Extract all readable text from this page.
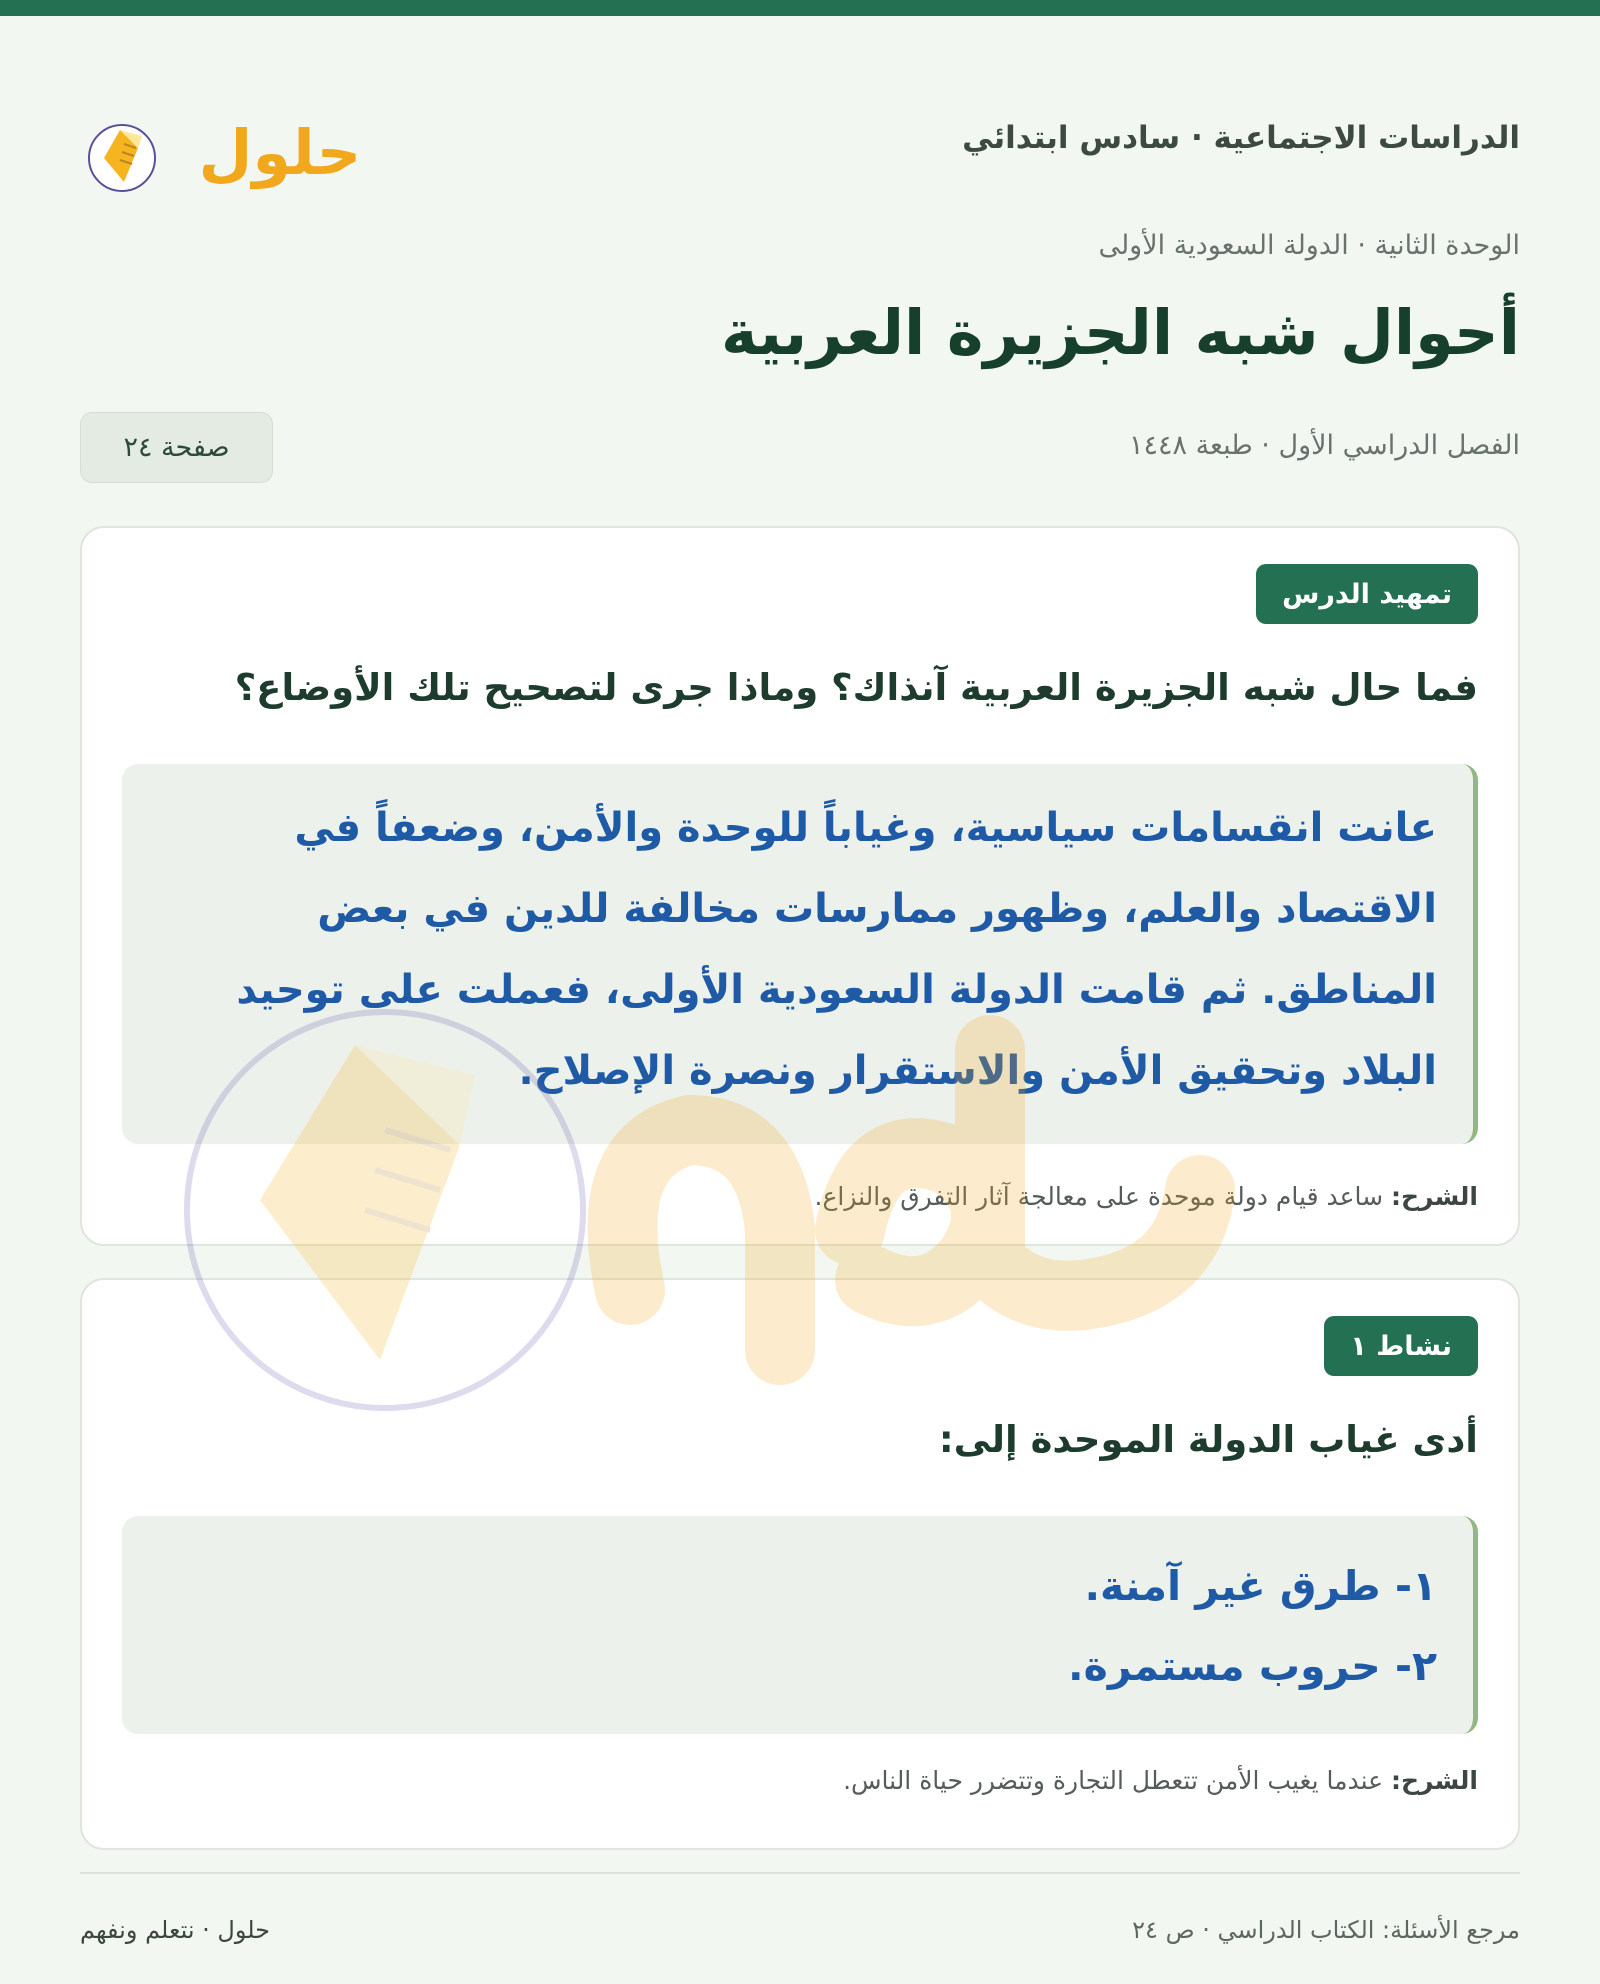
الدراسات الاجتماعية · سادس ابتدائي
حلول
الوحدة الثانية · الدولة السعودية الأولى
أحوال شبه الجزيرة العربية
الفصل الدراسي الأول · طبعة ١٤٤٨
صفحة ٢٤
تمهيد الدرس
فما حال شبه الجزيرة العربية آنذاك؟ وماذا جرى لتصحيح تلك الأوضاع؟

عانت انقسامات سياسية، وغياباً للوحدة والأمن، وضعفاً في الاقتصاد والعلم، وظهور ممارسات مخالفة للدين في بعض المناطق. ثم قامت الدولة السعودية الأولى، فعملت على توحيد البلاد وتحقيق الأمن والاستقرار ونصرة الإصلاح.

الشرح: ساعد قيام دولة موحدة على معالجة آثار التفرق والنزاع.
نشاط ١
أدى غياب الدولة الموحدة إلى:
١- طرق غير آمنة.
٢- حروب مستمرة.
الشرح: عندما يغيب الأمن تتعطل التجارة وتتضرر حياة الناس.
مرجع الأسئلة: الكتاب الدراسي · ص ٢٤
حلول · نتعلم ونفهم
